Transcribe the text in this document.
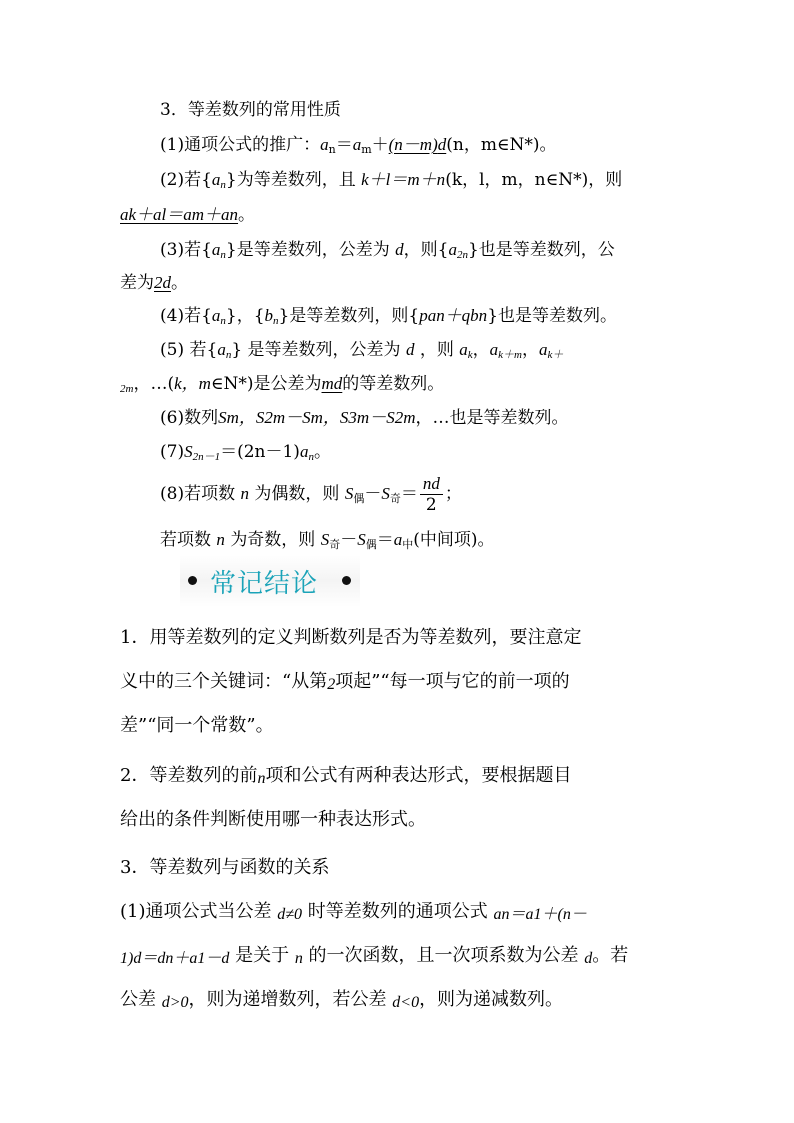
3．等差数列的常用性质
(1)通项公式的推广：$a_n=a_m+(n-m)d(n$，m∈N*)。
(2)若$\{a_n\}$为等差数列，且 k＋l＝m＋n(k，l，m，n∈N*)，则
ak＋al＝am＋an。
(3)若$\{a_n\}$是等差数列，公差为 d，则$\{a_{2n}\}$也是等差数列，公
差为2d。
(4)若$\{a_n\}$，$\{b_n\}$是等差数列，则{pan＋qbn}也是等差数列。
(5) 若$\{a_n\}$ 是等差数列，公差为 d ，则 $a_k$，$a_{k+m}$，$a_{k+}$
$_{2m}$，…(k，m∈N*)是公差为md的等差数列。
(6)数列Sm，S2m－Sm，S3m－S2m，…也是等差数列。
$(7)S_{2n-1}=(2n-1)a_n$。
(8)若项数 n 为偶数，则 $S_偶-S_奇= \frac{nd}{2}$ ；
若项数 n 为奇数，则 $S_奇-S_偶=a_中$(中间项)。
常记结论
1．用等差数列的定义判断数列是否为等差数列，要注意定
义中的三个关键词：“从第2项起”“每一项与它的前一项的
差”“同一个常数”。
2．等差数列的前n项和公式有两种表达形式，要根据题目
给出的条件判断使用哪一种表达形式。
3．等差数列与函数的关系
(1)通项公式当公差 d≠0 时等差数列的通项公式 an＝a1＋(n－
1)d＝dn＋a1－d 是关于 n 的一次函数，且一次项系数为公差 d。若
公差 d>0，则为递增数列，若公差 d<0，则为递减数列。
